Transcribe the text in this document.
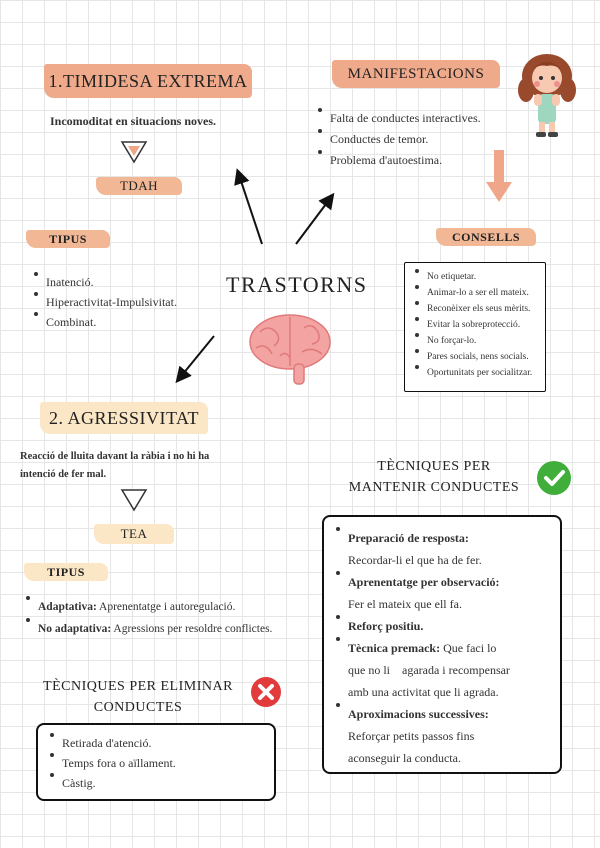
1.TIMIDESA EXTREMA
Incomoditat en situacions noves.
TDAH
TIPUS
Inatenció.
Hiperactivitat-Impulsivitat.
Combinat.
MANIFESTACIONS
Falta de conductes interactives.
Conductes de temor.
Problema d'autoestima.
CONSELLS
No etiquetar.
Animar-lo a ser ell mateix.
Reconèixer els seus mèrits.
Evitar la sobreprotecció.
No forçar-lo.
Pares socials, nens socials.
Oportunitats per socialitzar.
TRASTORNS
2. AGRESSIVITAT
Reacció de lluita davant la ràbia i no hi ha
intenció de fer mal.
TEA
TIPUS
Adaptativa: Aprenentatge i autoregulació.
No adaptativa: Agressions per resoldre conflictes.
TÈCNIQUES PER ELIMINAR
CONDUCTES
Retirada d'atenció.
Temps fora o aïllament.
Càstig.
TÈCNIQUES PER
MANTENIR CONDUCTES
Preparació de resposta:
Recordar-li el que ha de fer.
Aprenentatge per observació:
Fer el mateix que ell fa.
Reforç positiu.
Tècnica premack: Que faci lo
que no li    agarada i recompensar
amb una activitat que li agrada.
Aproximacions successives:
Reforçar petits passos fins
aconseguir la conducta.
